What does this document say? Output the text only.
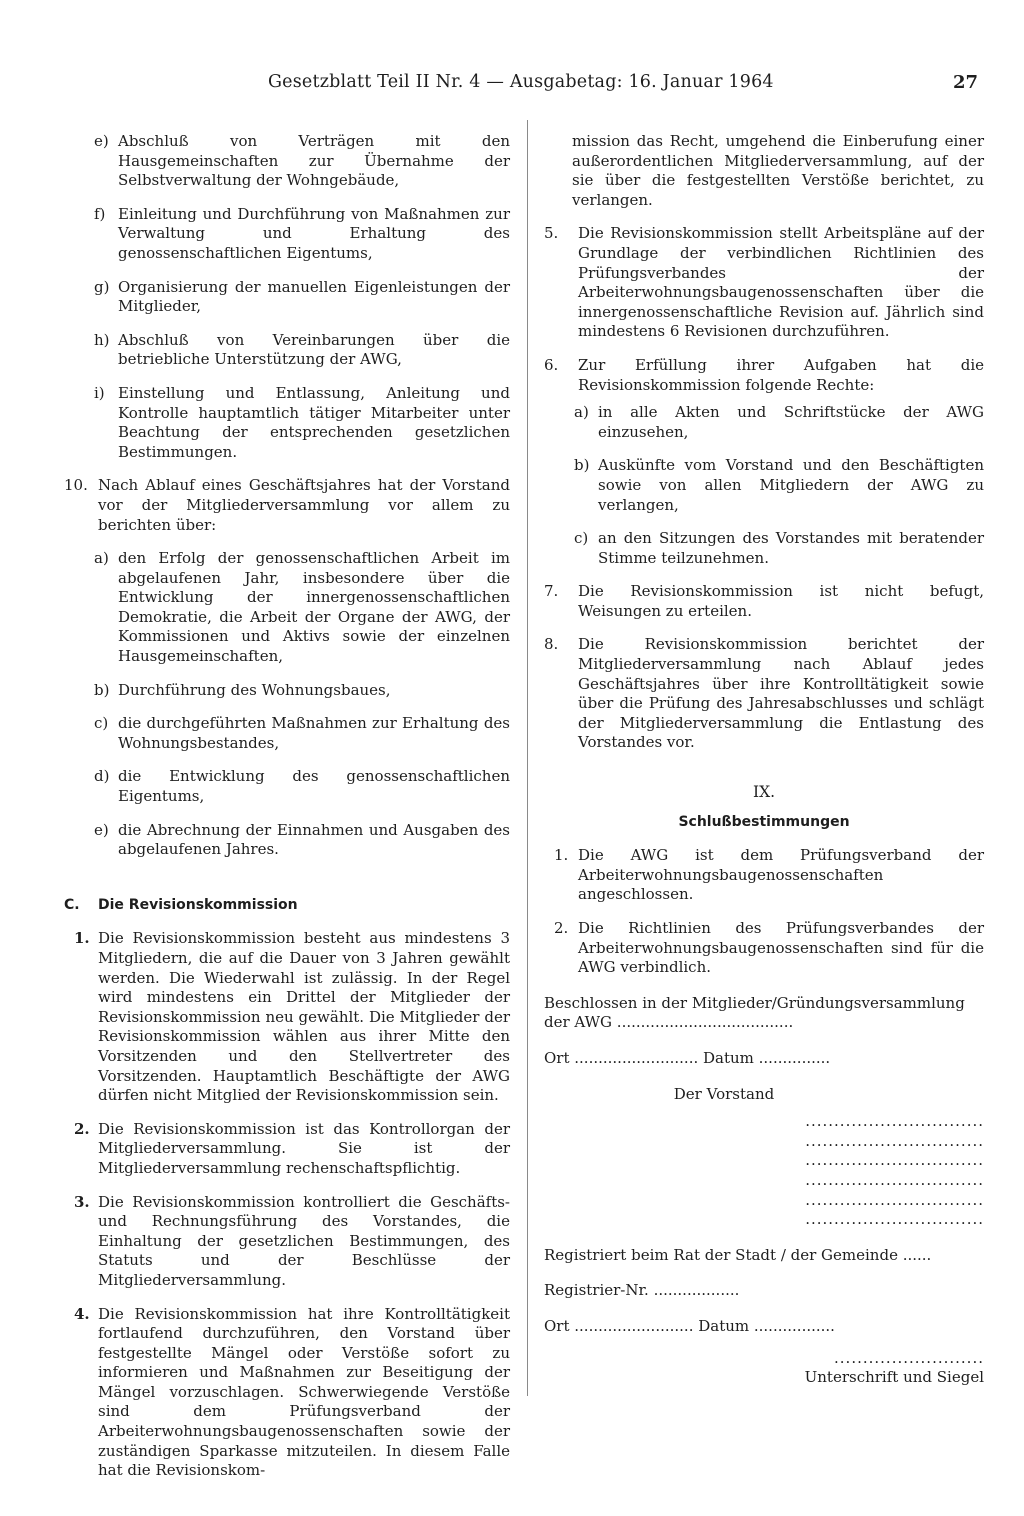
Gesetzblatt Teil II Nr. 4 — Ausgabetag: 16. Januar 1964	27
e) Abschluß von Verträgen mit den Hausgemeinschaften zur Übernahme der Selbstverwaltung der Wohngebäude,
f) Einleitung und Durchführung von Maßnahmen zur Verwaltung und Erhaltung des genossenschaftlichen Eigentums,
g) Organisierung der manuellen Eigenleistungen der Mitglieder,
h) Abschluß von Vereinbarungen über die betriebliche Unterstützung der AWG,
i) Einstellung und Entlassung, Anleitung und Kontrolle hauptamtlich tätiger Mitarbeiter unter Beachtung der entsprechenden gesetzlichen Bestimmungen.
10. Nach Ablauf eines Geschäftsjahres hat der Vorstand vor der Mitgliederversammlung vor allem zu berichten über:
a) den Erfolg der genossenschaftlichen Arbeit im abgelaufenen Jahr, insbesondere über die Entwicklung der innergenossenschaftlichen Demokratie, die Arbeit der Organe der AWG, der Kommissionen und Aktivs sowie der einzelnen Hausgemeinschaften,
b) Durchführung des Wohnungsbaues,
c) die durchgeführten Maßnahmen zur Erhaltung des Wohnungsbestandes,
d) die Entwicklung des genossenschaftlichen Eigentums,
e) die Abrechnung der Einnahmen und Ausgaben des abgelaufenen Jahres.
C. Die Revisionskommission
1. Die Revisionskommission besteht aus mindestens 3 Mitgliedern, die auf die Dauer von 3 Jahren gewählt werden. Die Wiederwahl ist zulässig. In der Regel wird mindestens ein Drittel der Mitglieder der Revisionskommission neu gewählt. Die Mitglieder der Revisionskommission wählen aus ihrer Mitte den Vorsitzenden und den Stellvertreter des Vorsitzenden. Hauptamtlich Beschäftigte der AWG dürfen nicht Mitglied der Revisionskommission sein.
2. Die Revisionskommission ist das Kontrollorgan der Mitgliederversammlung. Sie ist der Mitgliederversammlung rechenschaftspflichtig.
3. Die Revisionskommission kontrolliert die Geschäfts- und Rechnungsführung des Vorstandes, die Einhaltung der gesetzlichen Bestimmungen, des Statuts und der Beschlüsse der Mitgliederversammlung.
4. Die Revisionskommission hat ihre Kontrolltätigkeit fortlaufend durchzuführen, den Vorstand über festgestellte Mängel oder Verstöße sofort zu informieren und Maßnahmen zur Beseitigung der Mängel vorzuschlagen. Schwerwiegende Verstöße sind dem Prüfungsverband der Arbeiterwohnungsbaugenossenschaften sowie der zuständigen Sparkasse mitzuteilen. In diesem Falle hat die Revisionskom-
mission das Recht, umgehend die Einberufung einer außerordentlichen Mitgliederversammlung, auf der sie über die festgestellten Verstöße berichtet, zu verlangen.
5. Die Revisionskommission stellt Arbeitspläne auf der Grundlage der verbindlichen Richtlinien des Prüfungsverbandes der Arbeiterwohnungsbaugenossenschaften über die innergenossenschaftliche Revision auf. Jährlich sind mindestens 6 Revisionen durchzuführen.
6. Zur Erfüllung ihrer Aufgaben hat die Revisionskommission folgende Rechte:
a) in alle Akten und Schriftstücke der AWG einzusehen,
b) Auskünfte vom Vorstand und den Beschäftigten sowie von allen Mitgliedern der AWG zu verlangen,
c) an den Sitzungen des Vorstandes mit beratender Stimme teilzunehmen.
7. Die Revisionskommission ist nicht befugt, Weisungen zu erteilen.
8. Die Revisionskommission berichtet der Mitgliederversammlung nach Ablauf jedes Geschäftsjahres über ihre Kontrolltätigkeit sowie über die Prüfung des Jahresabschlusses und schlägt der Mitgliederversammlung die Entlastung des Vorstandes vor.
IX.
Schlußbestimmungen
1. Die AWG ist dem Prüfungsverband der Arbeiterwohnungsbaugenossenschaften angeschlossen.
2. Die Richtlinien des Prüfungsverbandes der Arbeiterwohnungsbaugenossenschaften sind für die AWG verbindlich.
Beschlossen in der Mitglieder/Gründungsversammlung
der AWG .....................................
Ort .......................... Datum ...............
Der Vorstand
...............................
...............................
...............................
...............................
...............................
...............................
Registriert beim Rat der Stadt / der Gemeinde ......
Registrier-Nr. ..................
Ort ......................... Datum .................
..........................
Unterschrift und Siegel
